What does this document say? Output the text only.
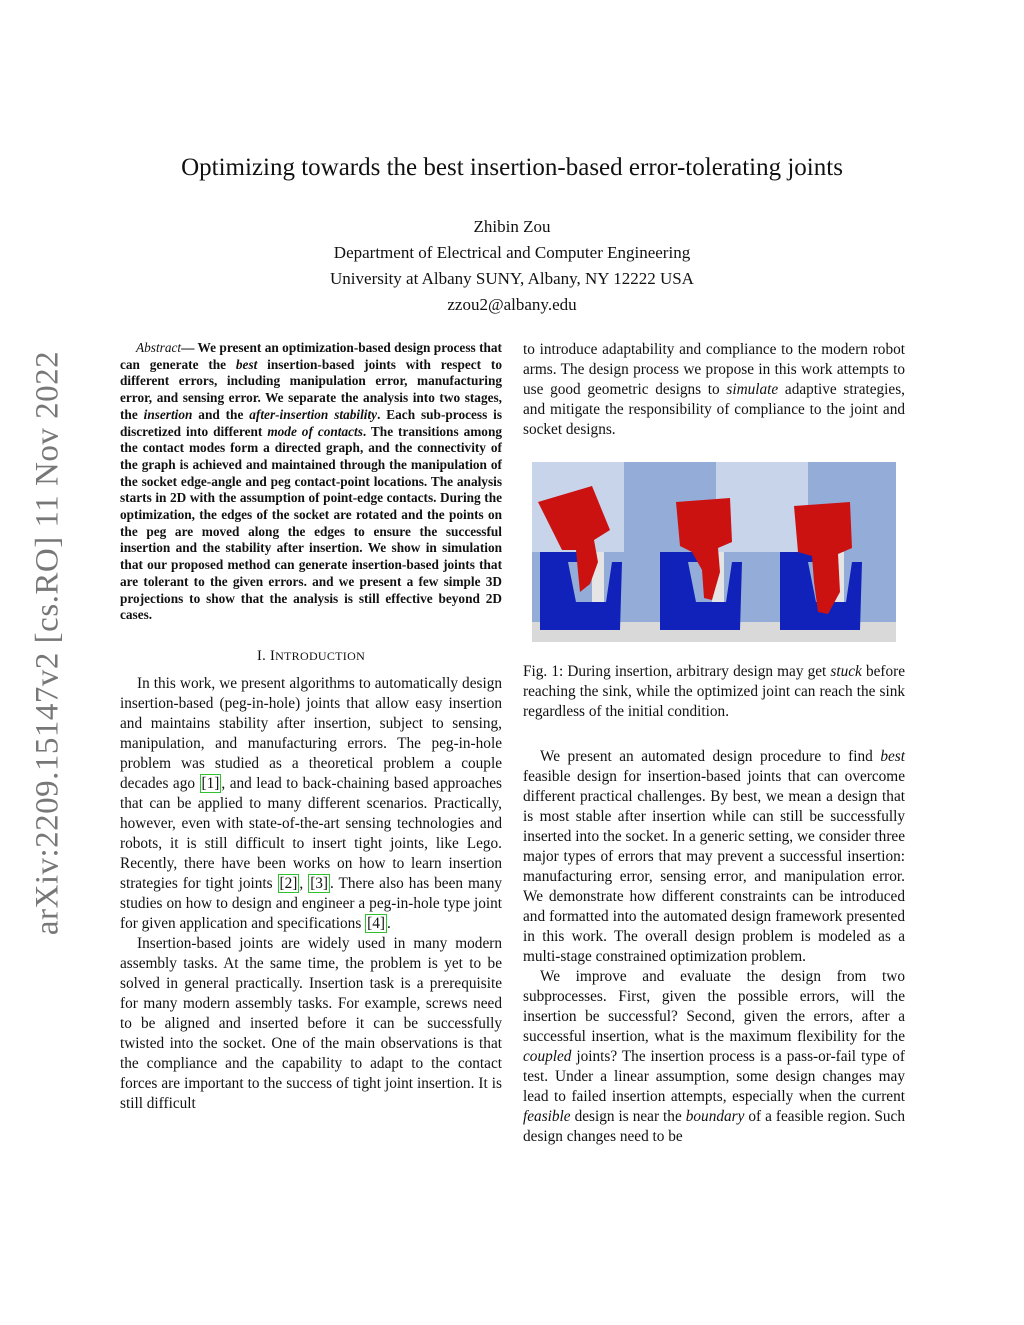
arXiv:2209.15147v2 [cs.RO] 11 Nov 2022
Optimizing towards the best insertion-based error-tolerating joints
Zhibin Zou
Department of Electrical and Computer Engineering
University at Albany SUNY, Albany, NY 12222 USA
zzou2@albany.edu

Abstract— We present an optimization-based design process that can generate the best insertion-based joints with respect to different errors, including manipulation error, manufacturing error, and sensing error. We separate the analysis into two stages, the insertion and the after-insertion stability. Each sub-process is discretized into different mode of contacts. The transitions among the contact modes form a directed graph, and the connectivity of the graph is achieved and maintained through the manipulation of the socket edge-angle and peg contact-point locations. The analysis starts in 2D with the assumption of point-edge contacts. During the optimization, the edges of the socket are rotated and the points on the peg are moved along the edges to ensure the successful insertion and the stability after insertion. We show in simulation that our proposed method can generate insertion-based joints that are tolerant to the given errors. and we present a few simple 3D projections to show that the analysis is still effective beyond 2D cases.

I. INTRODUCTION

In this work, we present algorithms to automatically design insertion-based (peg-in-hole) joints that allow easy insertion and maintains stability after insertion, subject to sensing, manipulation, and manufacturing errors. The peg-in-hole problem was studied as a theoretical problem a couple decades ago [1] , and lead to back-chaining based approaches that can be applied to many different scenarios. Practically, however, even with state-of-the-art sensing technologies and robots, it is still difficult to insert tight joints, like Lego. Recently, there have been works on how to learn insertion strategies for tight joints [2] , [3] . There also has been many studies on how to design and engineer a peg-in-hole type joint for given application and specifications [4] .

Insertion-based joints are widely used in many modern assembly tasks. At the same time, the problem is yet to be solved in general practically. Insertion task is a prerequisite for many modern assembly tasks. For example, screws need to be aligned and inserted before it can be successfully twisted into the socket. One of the main observations is that the compliance and the capability to adapt to the contact forces are important to the success of tight joint insertion. It is still difficult

to introduce adaptability and compliance to the modern robot arms. The design process we propose in this work attempts to use good geometric designs to simulate adaptive strategies, and mitigate the responsibility of compliance to the joint and socket designs.

Fig. 1: During insertion, arbitrary design may get stuck before reaching the sink, while the optimized joint can reach the sink regardless of the initial condition.

We present an automated design procedure to find best feasible design for insertion-based joints that can overcome different practical challenges. By best, we mean a design that is most stable after insertion while can still be successfully inserted into the socket. In a generic setting, we consider three major types of errors that may prevent a successful insertion: manufacturing error, sensing error, and manipulation error. We demonstrate how different constraints can be introduced and formatted into the automated design framework presented in this work. The overall design problem is modeled as a multi-stage constrained optimization problem.

We improve and evaluate the design from two subprocesses. First, given the possible errors, will the insertion be successful? Second, given the errors, after a successful insertion, what is the maximum flexibility for the coupled joints? The insertion process is a pass-or-fail type of test. Under a linear assumption, some design changes may lead to failed insertion attempts, especially when the current feasible design is near the boundary of a feasible region. Such design changes need to be
